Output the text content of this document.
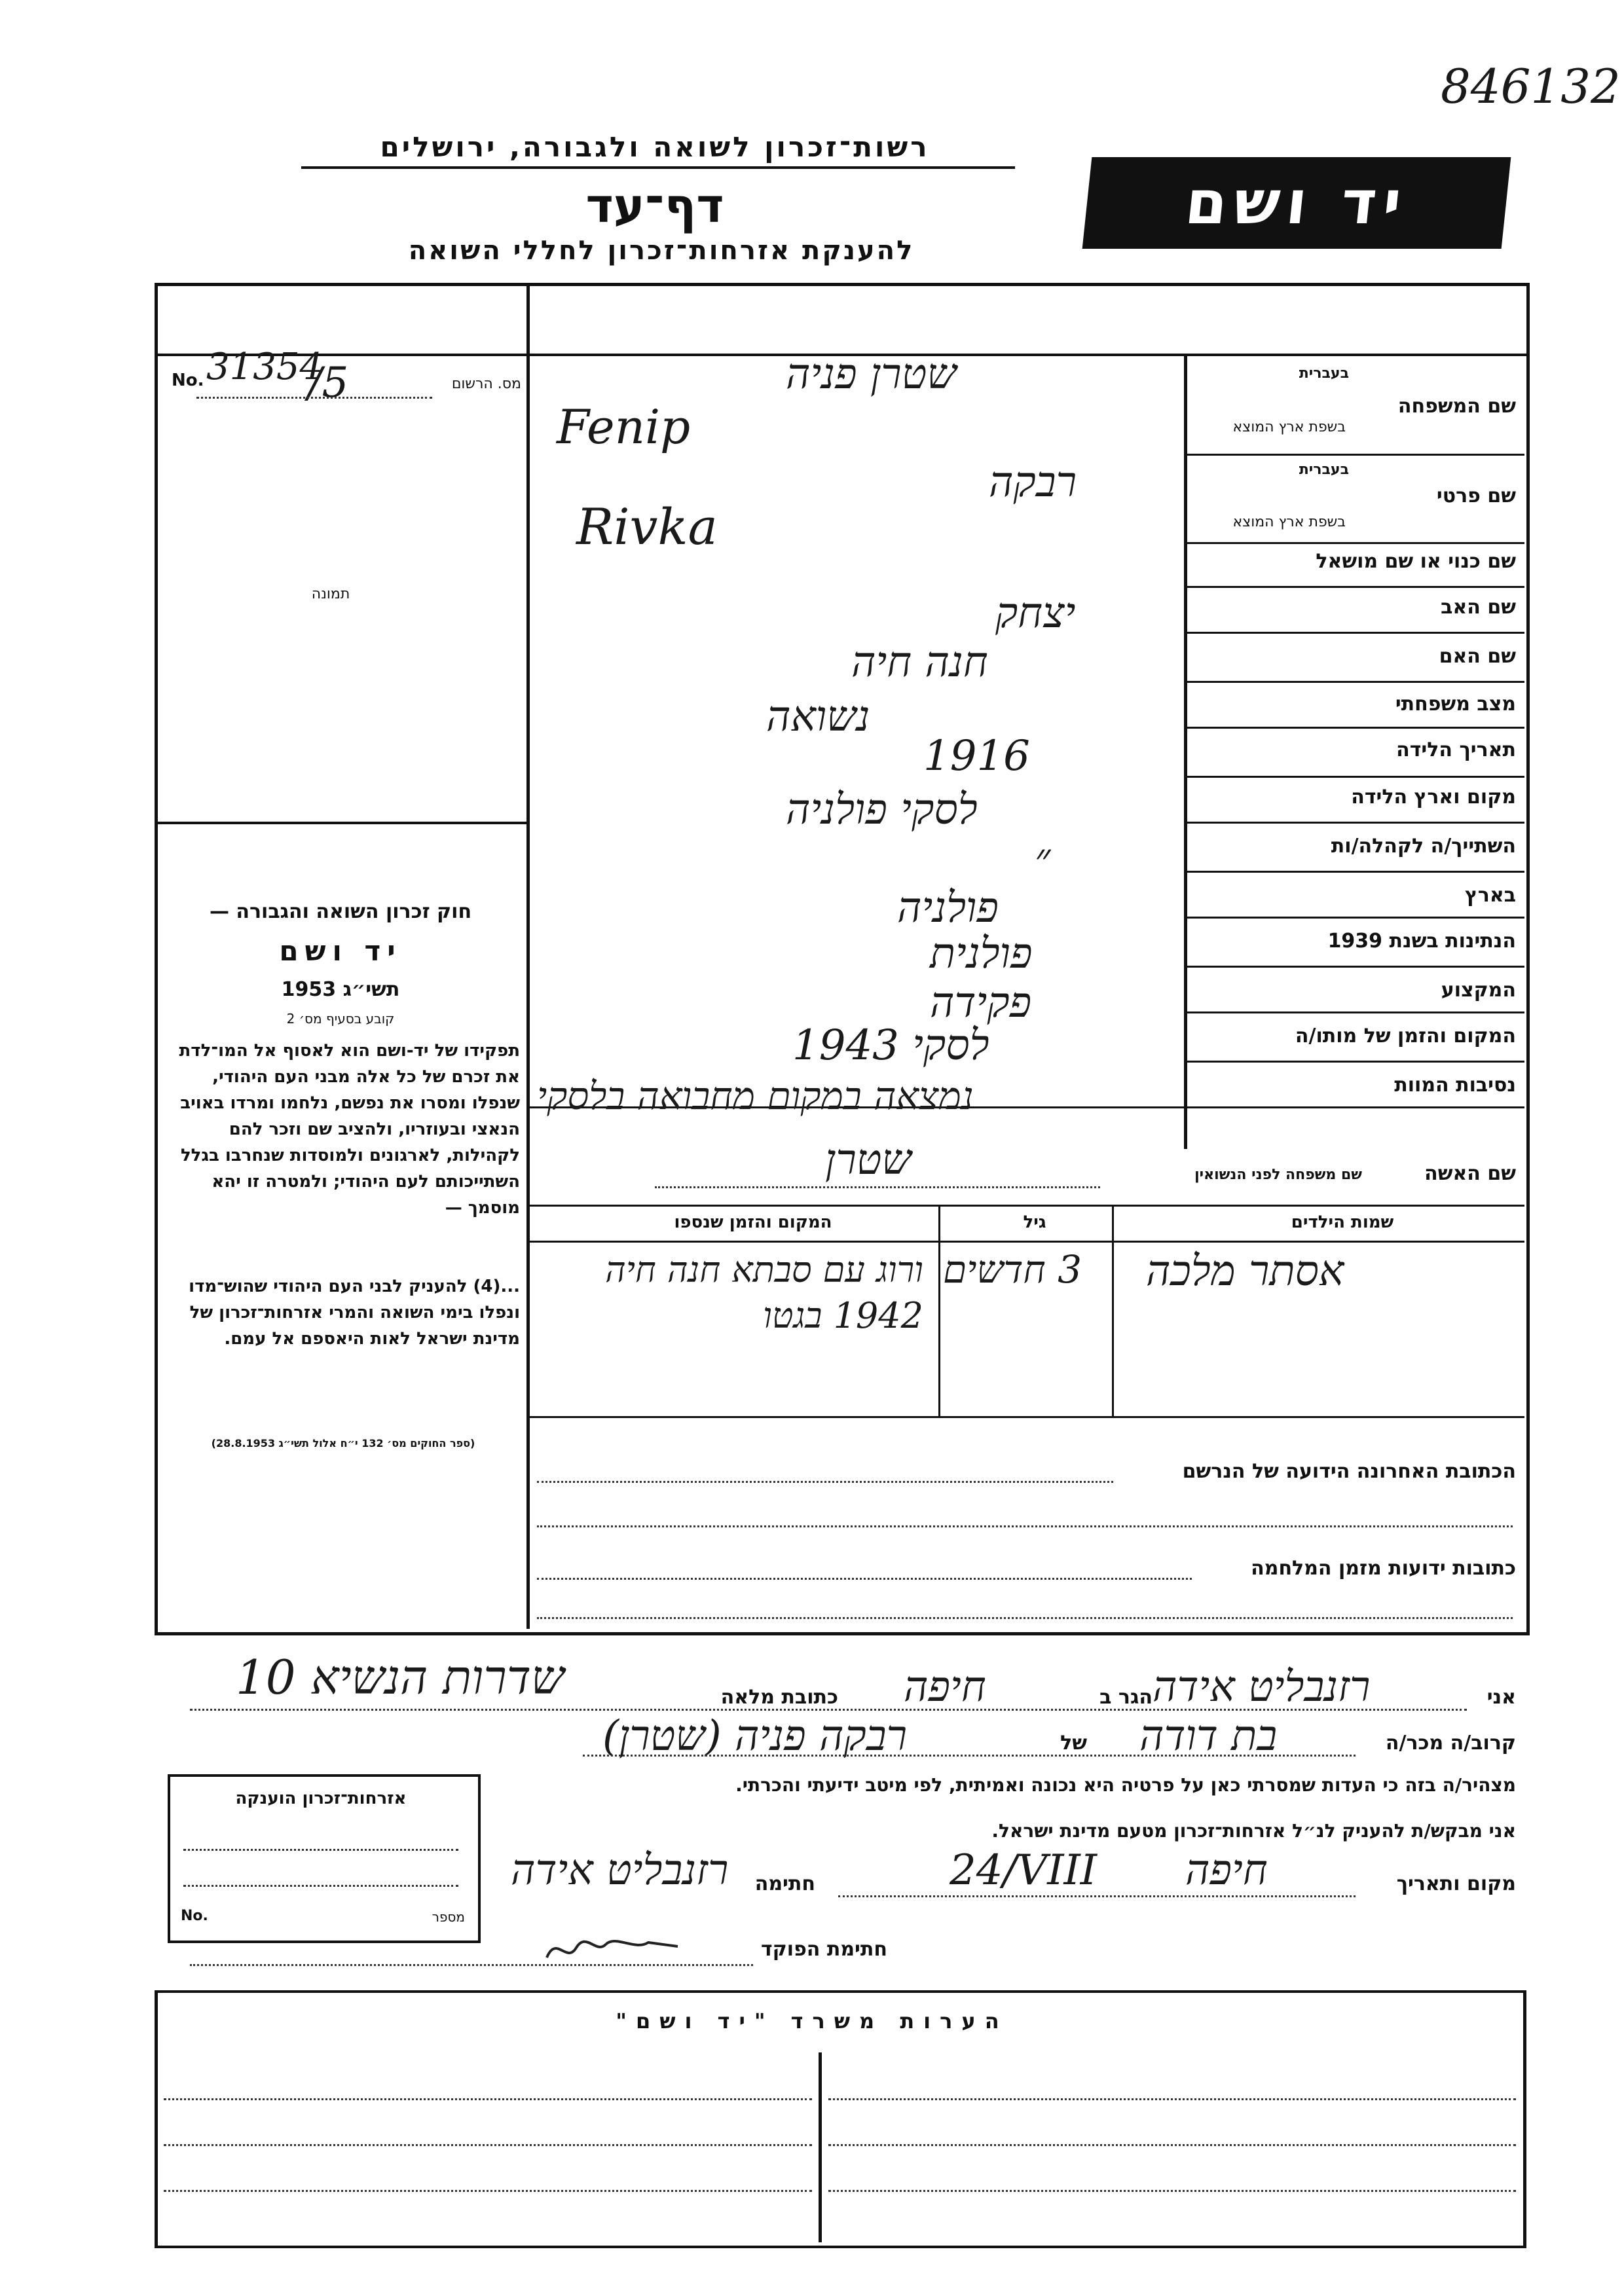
846132
רשות־זכרון לשואה ולגבורה, ירושלים
דף־עד
להענקת אזרחות־זכרון לחללי השואה
יד ושם
No. 31354
/5	מס. הרשום
תמונה
חוק זכרון השואה והגבורה —
יד ושם
תשי״ג 1953
קובע בסעיף מס׳ 2
תפקידו של יד-ושם הוא לאסוף אל המו־לדת את זכרם של כל אלה מבני העם היהודי, שנפלו ומסרו את נפשם, נלחמו ומרדו באויב הנאצי ובעוזריו, ולהציב שם וזכר להם לקהילות, לארגונים ולמוסדות שנחרבו בגלל השתייכותם לעם היהודי; ולמטרה זו יהא מוסמך —
...(4) להעניק לבני העם היהודי שהוש־מדו ונפלו בימי השואה והמרי אזרחות־זכרון של מדינת ישראל לאות היאספם אל עמם.
(ספר החוקים מס׳ 132 י״ח אלול תשי״ג 28.8.1953)
שם המשפחה
בעברית
בשפת ארץ המוצא
שם פרטי
בעברית
בשפת ארץ המוצא
שם כנוי או שם מושאל
שם האב
שם האם
מצב משפחתי
תאריך הלידה
מקום וארץ הלידה
השתייך/ה לקהלה/ות
בארץ
הנתינות בשנת 1939
המקצוע
המקום והזמן של מותו/ה
נסיבות המוות
שטרן פניה
Fenip
רבקה
Rivka
יצחק
חנה חיה
נשואה
1916
לסקי פולניה
״
פולניה
פולנית
פקידה
לסקי 1943
נמצאה במקום מחבואה בלסקי
שם האשה
שם משפחה לפני הנשואין
שטרן
שמות הילדים
גיל
המקום והזמן שנספו
אסתר מלכה
3 חדשים
ורוג עם סבתא חנה חיה 1942 בגטו
הכתובת האחרונה הידועה של הנרשם
כתובות ידועות מזמן המלחמה
אני
רזנבליט אידה
הגר ב
חיפה
כתובת מלאה
שדרות הנשיא 10
קרוב/ה מכר/ה
בת דודה
של
רבקה פניה (שטרן)
מצהיר/ה בזה כי העדות שמסרתי כאן על פרטיה היא נכונה ואמיתית, לפי מיטב ידיעתי והכרתי.
אני מבקש/ת להעניק לנ״ל אזרחות־זכרון מטעם מדינת ישראל.
מקום ותאריך
חיפה
24/VIII
חתימה
רזנבליט אידה
חתימת הפוקד
אזרחות־זכרון הוענקה
No.	מספר
הערות משרד "יד ושם"
